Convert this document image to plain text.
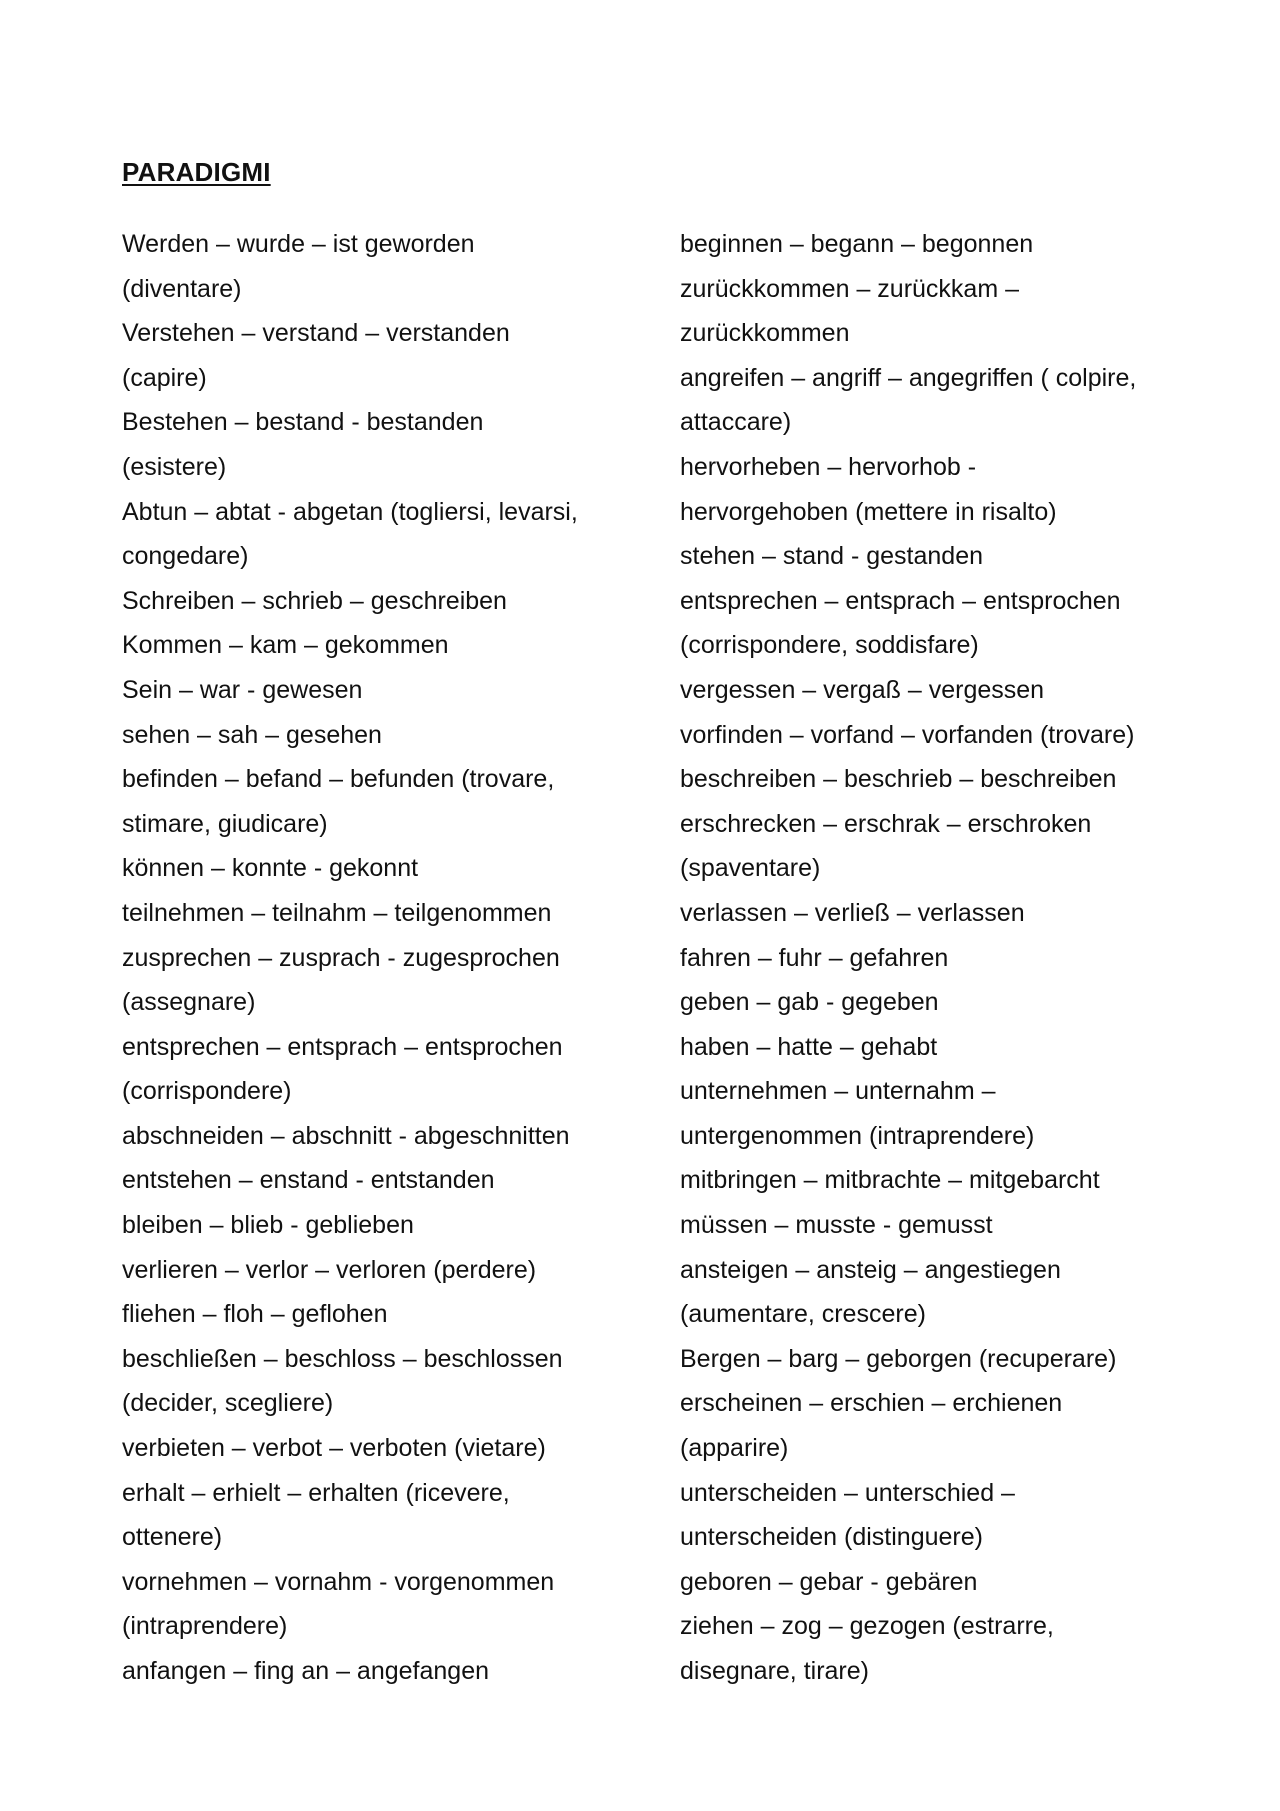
PARADIGMI
Werden – wurde – ist geworden
(diventare)
Verstehen – verstand – verstanden
(capire)
Bestehen – bestand - bestanden
(esistere)
Abtun – abtat - abgetan (togliersi, levarsi,
congedare)
Schreiben – schrieb – geschreiben
Kommen – kam – gekommen
Sein – war - gewesen
sehen – sah – gesehen
befinden – befand – befunden (trovare,
stimare, giudicare)
können – konnte - gekonnt
teilnehmen – teilnahm – teilgenommen
zusprechen – zusprach - zugesprochen
(assegnare)
entsprechen – entsprach – entsprochen
(corrispondere)
abschneiden – abschnitt - abgeschnitten
entstehen – enstand - entstanden
bleiben – blieb - geblieben
verlieren – verlor – verloren (perdere)
fliehen – floh – geflohen
beschließen – beschloss – beschlossen
(decider, scegliere)
verbieten – verbot – verboten (vietare)
erhalt – erhielt – erhalten (ricevere,
ottenere)
vornehmen – vornahm - vorgenommen
(intraprendere)
anfangen – fing an – angefangen
beginnen – begann – begonnen
zurückkommen – zurückkam –
zurückkommen
angreifen – angriff – angegriffen ( colpire,
attaccare)
hervorheben – hervorhob -
hervorgehoben (mettere in risalto)
stehen – stand - gestanden
entsprechen – entsprach – entsprochen
(corrispondere, soddisfare)
vergessen – vergaß – vergessen
vorfinden – vorfand – vorfanden (trovare)
beschreiben – beschrieb – beschreiben
erschrecken – erschrak – erschroken
(spaventare)
verlassen – verließ – verlassen
fahren – fuhr – gefahren
geben – gab - gegeben
haben – hatte – gehabt
unternehmen – unternahm –
untergenommen (intraprendere)
mitbringen – mitbrachte – mitgebarcht
müssen – musste - gemusst
ansteigen – ansteig – angestiegen
(aumentare, crescere)
Bergen – barg – geborgen (recuperare)
erscheinen – erschien – erchienen
(apparire)
unterscheiden – unterschied –
unterscheiden (distinguere)
geboren – gebar - gebären
ziehen – zog – gezogen (estrarre,
disegnare, tirare)
